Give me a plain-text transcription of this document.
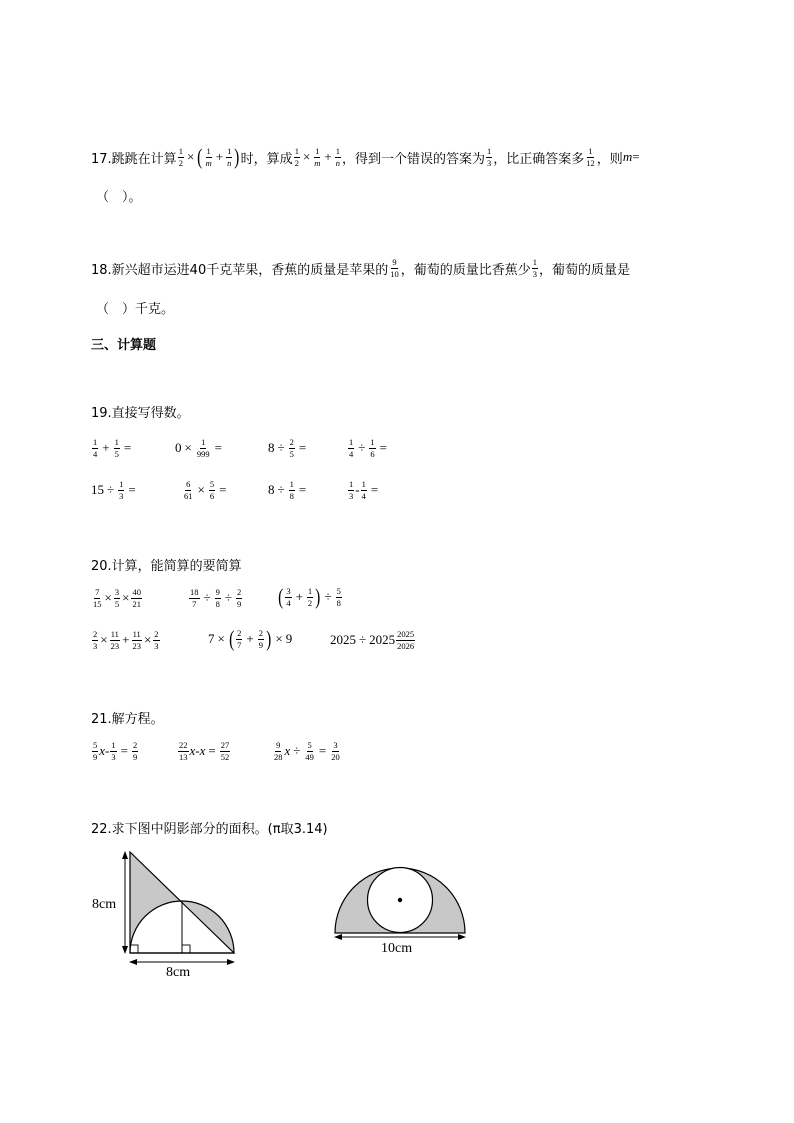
17.跳跳在计算 $\frac{1}{2}$ × ( $\frac{1}{m} + \frac{1}{n}$ ) 时，算成 $\frac{1}{2} \times \frac{1}{m} + \frac{1}{n}$ ，得到一个错误的答案为 $\frac{1}{3}$ ，比正确答案多 $\frac{1}{12}$ ，则 m =
（　）。
18.新兴超市运进40千克苹果，香蕉的质量是苹果的 $\frac{9}{10}$ ，葡萄的质量比香蕉少 $\frac{1}{3}$ ，葡萄的质量是
（　）千克。
三、计算题
19.直接写得数。
$\frac{1}{4} + \frac{1}{5}$ =	$0 \times \frac{1}{999}$ =	$8 \div \frac{2}{5}$ =	$\frac{1}{4} \div \frac{1}{6}$ =
$15 \div \frac{1}{3}$ =	$\frac{6}{61} \times \frac{5}{6}$ =	$8 \div \frac{1}{8}$ =	$\frac{1}{3} - \frac{1}{4}$ =
20.计算，能简算的要简算
$\frac{7}{15} \times \frac{3}{5} \times \frac{40}{21}$	$\frac{18}{7} \div \frac{9}{8} \div \frac{2}{9}$ ( $\frac{3}{4} + \frac{1}{2}$ ) ÷ $\frac{5}{8}$
$\frac{2}{3} \times \frac{11}{23} + \frac{11}{23} \times \frac{2}{3}$	7 × ( $\frac{2}{7} + \frac{2}{9}$ ) × 9	$2025 \div 2025 \frac{2025}{2026}$
21.解方程。
$\frac{5}{9}$ $x - \frac{1}{3} = \frac{2}{9}$	$\frac{22}{13}$ $x - x = \frac{27}{52}$	$\frac{9}{28}$ $x \div \frac{5}{49} = \frac{3}{20}$
22.求下图中阴影部分的面积。(π取3.14)
8cm
8cm
10cm
